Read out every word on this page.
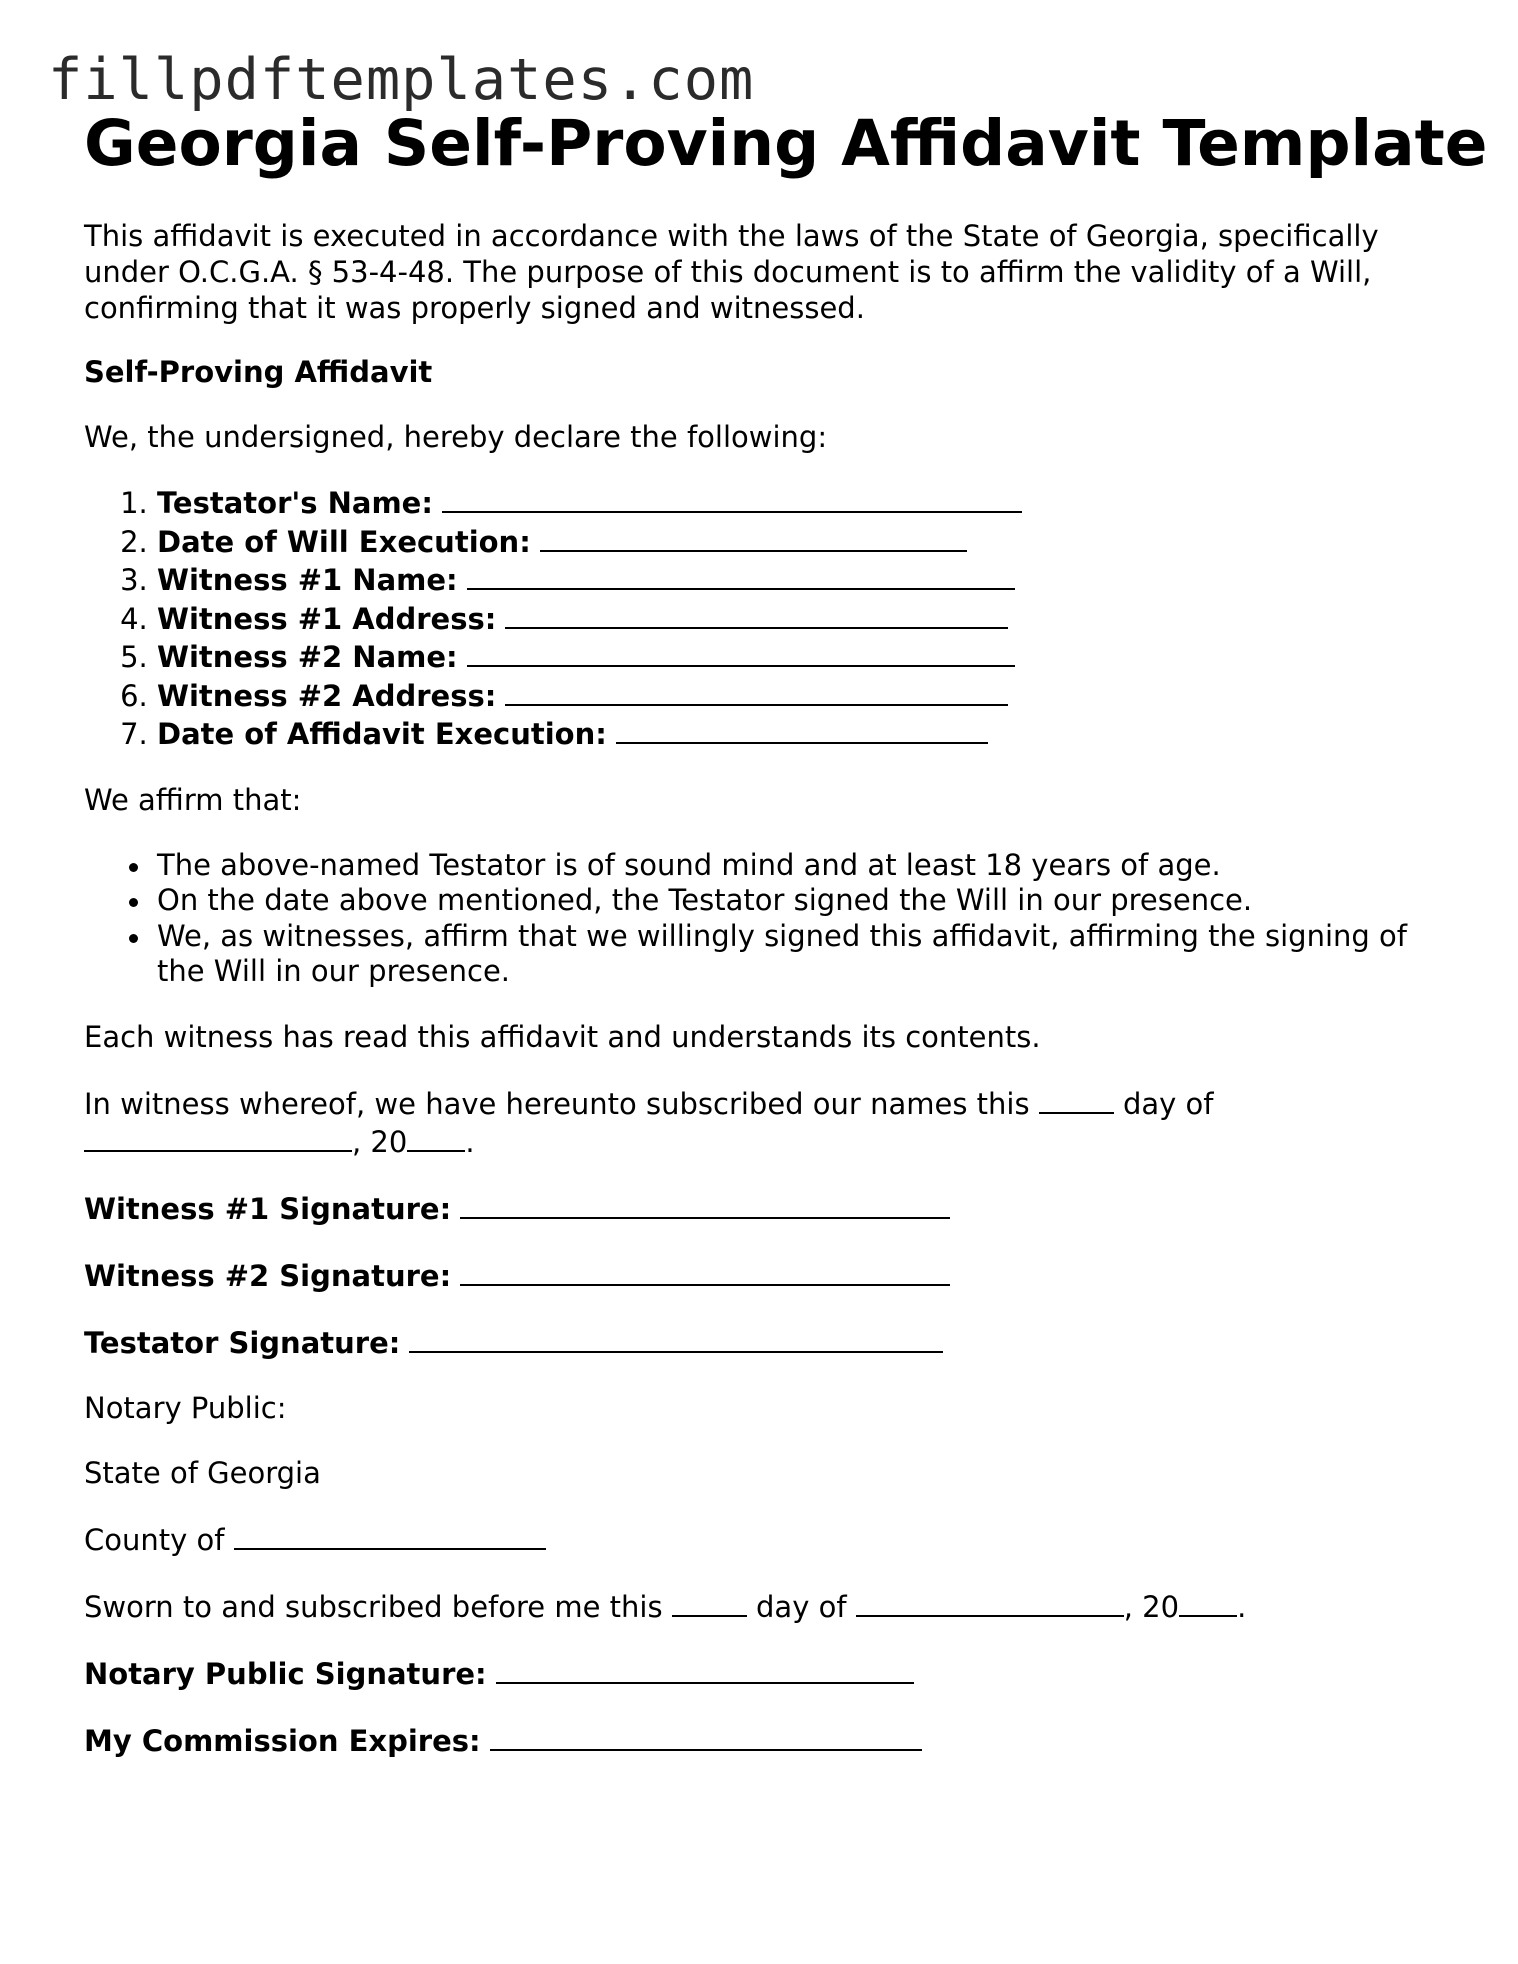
fillpdftemplates.com
Georgia Self-Proving Affidavit Template

This affidavit is executed in accordance with the laws of the State of Georgia, specifically under O.C.G.A. § 53-4-48. The purpose of this document is to affirm the validity of a Will, confirming that it was properly signed and witnessed.

Self-Proving Affidavit

We, the undersigned, hereby declare the following:

1. Testator's Name:
2. Date of Will Execution:
3. Witness #1 Name:
4. Witness #1 Address:
5. Witness #2 Name:
6. Witness #2 Address:
7. Date of Affidavit Execution:

We affirm that:

The above-named Testator is of sound mind and at least 18 years of age.
On the date above mentioned, the Testator signed the Will in our presence.
We, as witnesses, affirm that we willingly signed this affidavit, affirming the signing of the Will in our presence.

Each witness has read this affidavit and understands its contents.

In witness whereof, we have hereunto subscribed our names this	day of
, 20 .

Witness #1 Signature:

Witness #2 Signature:

Testator Signature:

Notary Public:

State of Georgia

County of

Sworn to and subscribed before me this	day of	, 20 .

Notary Public Signature:

My Commission Expires:
